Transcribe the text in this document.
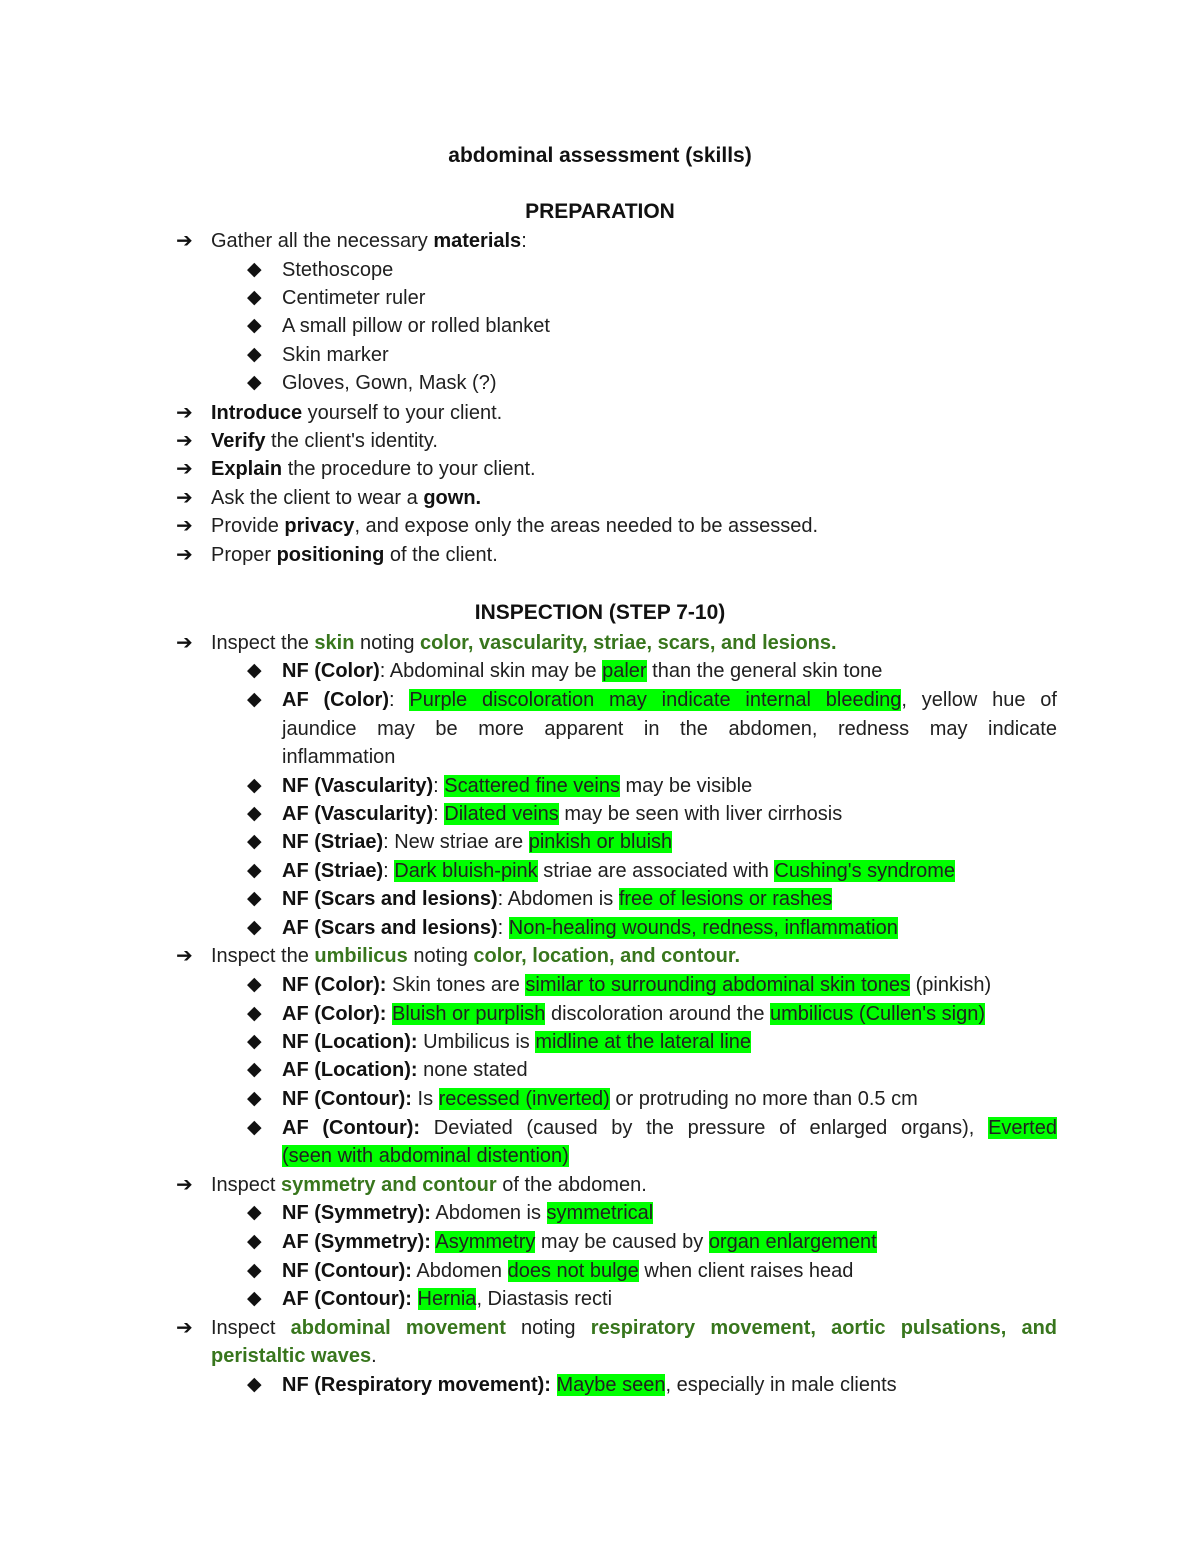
abdominal assessment (skills)
PREPARATION
➔ Gather all the necessary materials:
◆	Stethoscope
◆	Centimeter ruler
◆	A small pillow or rolled blanket
◆	Skin marker
◆	Gloves, Gown, Mask (?)
➔ Introduce yourself to your client.
➔ Verify the client's identity.
➔ Explain the procedure to your client.
➔ Ask the client to wear a gown.
➔ Provide privacy, and expose only the areas needed to be assessed.
➔ Proper positioning of the client.
INSPECTION (STEP 7-10)
➔ Inspect the skin noting color, vascularity, striae, scars, and lesions.
◆	NF (Color): Abdominal skin may be paler than the general skin tone
◆	AF (Color): Purple discoloration may indicate internal bleeding, yellow hue of
jaundice may be more apparent in the abdomen, redness may indicate
inflammation
◆	NF (Vascularity): Scattered fine veins may be visible
◆	AF (Vascularity): Dilated veins may be seen with liver cirrhosis
◆	NF (Striae): New striae are pinkish or bluish
◆	AF (Striae): Dark bluish-pink striae are associated with Cushing's syndrome
◆	NF (Scars and lesions): Abdomen is free of lesions or rashes
◆	AF (Scars and lesions): Non-healing wounds, redness, inflammation
➔ Inspect the umbilicus noting color, location, and contour.
◆	NF (Color): Skin tones are similar to surrounding abdominal skin tones (pinkish)
◆	AF (Color): Bluish or purplish discoloration around the umbilicus (Cullen's sign)
◆	NF (Location): Umbilicus is midline at the lateral line
◆	AF (Location): none stated
◆	NF (Contour): Is recessed (inverted) or protruding no more than 0.5 cm
◆	AF (Contour): Deviated (caused by the pressure of enlarged organs), Everted
(seen with abdominal distention)
➔ Inspect symmetry and contour of the abdomen.
◆	NF (Symmetry): Abdomen is symmetrical
◆	AF (Symmetry): Asymmetry may be caused by organ enlargement
◆	NF (Contour): Abdomen does not bulge when client raises head
◆	AF (Contour): Hernia, Diastasis recti
➔ Inspect abdominal movement noting respiratory movement, aortic pulsations, and
peristaltic waves.
◆	NF (Respiratory movement): Maybe seen, especially in male clients
